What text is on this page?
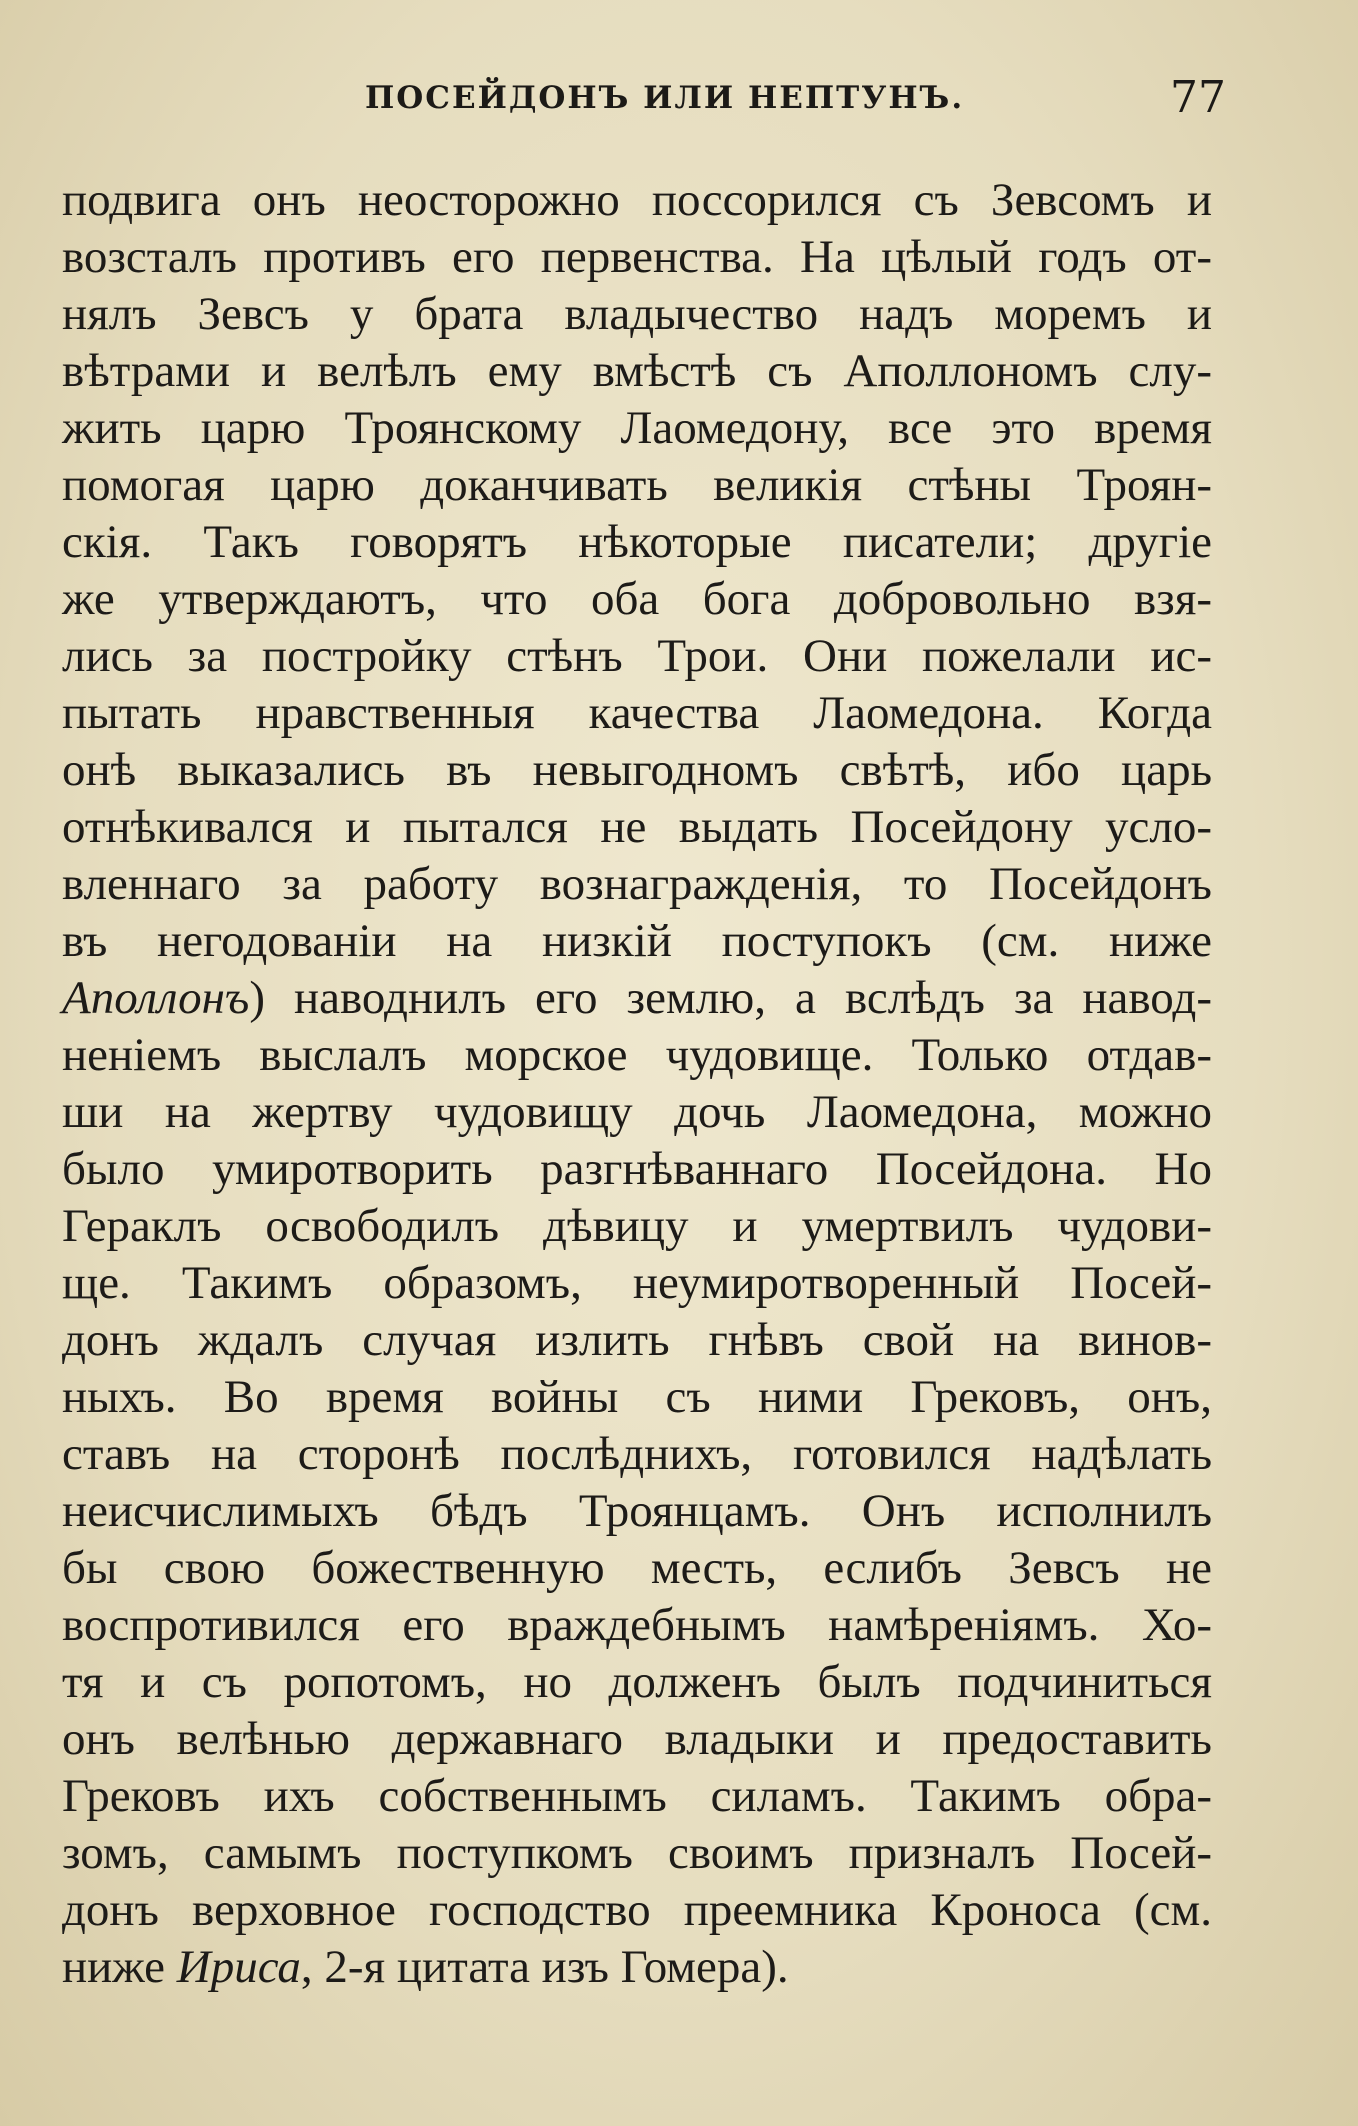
ПОСЕЙДОНЪ ИЛИ НЕПТУНЪ.	77
подвига онъ неосторожно поссорился съ Зевсомъ и
возсталъ противъ его первенства. На цѣлый годъ от-
нялъ Зевсъ у брата владычество надъ моремъ и
вѣтрами и велѣлъ ему вмѣстѣ съ Аполлономъ слу-
жить царю Троянскому Лаомедону, все это время
помогая царю доканчивать великія стѣны Троян-
скія. Такъ говорятъ нѣкоторые писатели; другіе
же утверждаютъ, что оба бога добровольно взя-
лись за постройку стѣнъ Трои. Они пожелали ис-
пытать нравственныя качества Лаомедона. Когда
онѣ выказались въ невыгодномъ свѣтѣ, ибо царь
отнѣкивался и пытался не выдать Посейдону усло-
вленнаго за работу вознагражденія, то Посейдонъ
въ негодованіи на низкій поступокъ (см. ниже
Аполлонъ) наводнилъ его землю, а вслѣдъ за навод-
неніемъ выслалъ морское чудовище. Только отдав-
ши на жертву чудовищу дочь Лаомедона, можно
было умиротворить разгнѣваннаго Посейдона. Но
Гераклъ освободилъ дѣвицу и умертвилъ чудови-
ще. Такимъ образомъ, неумиротворенный Посей-
донъ ждалъ случая излить гнѣвъ свой на винов-
ныхъ. Во время войны съ ними Грековъ, онъ,
ставъ на сторонѣ послѣднихъ, готовился надѣлать
неисчислимыхъ бѣдъ Троянцамъ. Онъ исполнилъ
бы свою божественную месть, еслибъ Зевсъ не
воспротивился его враждебнымъ намѣреніямъ. Хо-
тя и съ ропотомъ, но долженъ былъ подчиниться
онъ велѣнью державнаго владыки и предоставить
Грековъ ихъ собственнымъ силамъ. Такимъ обра-
зомъ, самымъ поступкомъ своимъ призналъ Посей-
донъ верховное господство преемника Кроноса (см.
ниже Ириса, 2-я цитата изъ Гомера).
